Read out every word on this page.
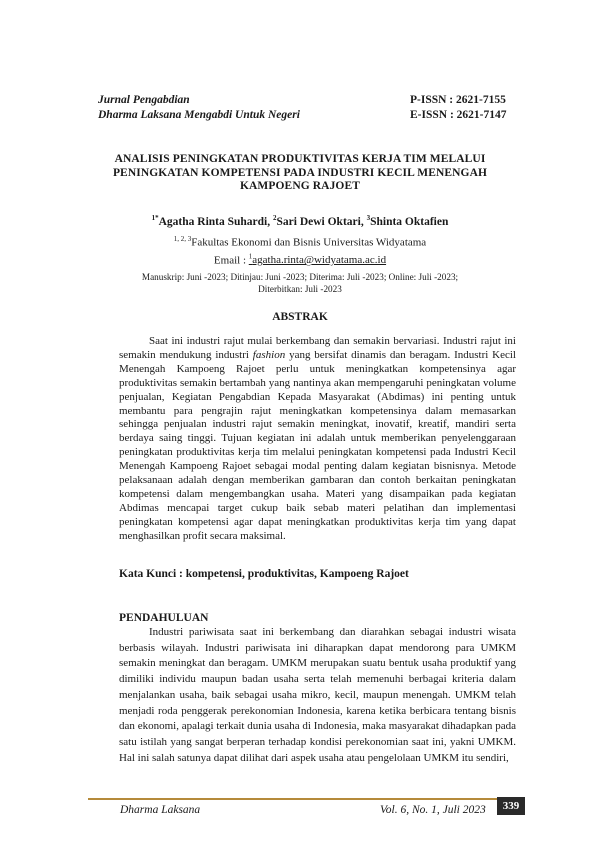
Jurnal Pengabdian
Dharma Laksana Mengabdi Untuk Negeri
P-ISSN : 2621-7155
E-ISSN : 2621-7147
ANALISIS PENINGKATAN PRODUKTIVITAS KERJA TIM MELALUI
PENINGKATAN KOMPETENSI PADA INDUSTRI KECIL MENENGAH
KAMPOENG RAJOET
$^{1*}$Agatha Rinta Suhardi, $^2$Sari Dewi Oktari, $^3$Shinta Oktafien
$^{1, 2, 3}$Fakultas Ekonomi dan Bisnis Universitas Widyatama
Email : $^1$agatha.rinta@widyatama.ac.id
Manuskrip: Juni -2023; Ditinjau: Juni -2023; Diterima: Juli -2023; Online: Juli -2023;
Diterbitkan: Juli -2023
ABSTRAK

Saat ini industri rajut mulai berkembang dan semakin bervariasi. Industri rajut ini semakin mendukung industri fashion yang bersifat dinamis dan beragam. Industri Kecil Menengah Kampoeng Rajoet perlu untuk meningkatkan kompetensinya agar produktivitas semakin bertambah yang nantinya akan mempengaruhi peningkatan volume penjualan, Kegiatan Pengabdian Kepada Masyarakat (Abdimas) ini penting untuk membantu para pengrajin rajut meningkatkan kompetensinya dalam memasarkan sehingga penjualan industri rajut semakin meningkat, inovatif, kreatif, mandiri serta berdaya saing tinggi. Tujuan kegiatan ini adalah untuk memberikan penyelenggaraan peningkatan produktivitas kerja tim melalui peningkatan kompetensi pada Industri Kecil Menengah Kampoeng Rajoet sebagai modal penting dalam kegiatan bisnisnya. Metode pelaksanaan adalah dengan memberikan gambaran dan contoh berkaitan peningkatan kompetensi dalam mengembangkan usaha. Materi yang disampaikan pada kegiatan Abdimas mencapai target cukup baik sebab materi pelatihan dan implementasi peningkatan kompetensi agar dapat meningkatkan produktivitas kerja tim yang dapat menghasilkan profit secara maksimal.

Kata Kunci : kompetensi, produktivitas, Kampoeng Rajoet
PENDAHULUAN

Industri pariwisata saat ini berkembang dan diarahkan sebagai industri wisata berbasis wilayah. Industri pariwisata ini diharapkan dapat mendorong para UMKM semakin meningkat dan beragam. UMKM merupakan suatu bentuk usaha produktif yang dimiliki individu maupun badan usaha serta telah memenuhi berbagai kriteria dalam menjalankan usaha, baik sebagai usaha mikro, kecil, maupun menengah. UMKM telah menjadi roda penggerak perekonomian Indonesia, karena ketika berbicara tentang bisnis dan ekonomi, apalagi terkait dunia usaha di Indonesia, maka masyarakat dihadapkan pada satu istilah yang sangat berperan terhadap kondisi perekonomian saat ini, yakni UMKM. Hal ini salah satunya dapat dilihat dari aspek usaha atau pengelolaan UMKM itu sendiri,

Dharma Laksana	Vol. 6, No. 1, Juli 2023	339
